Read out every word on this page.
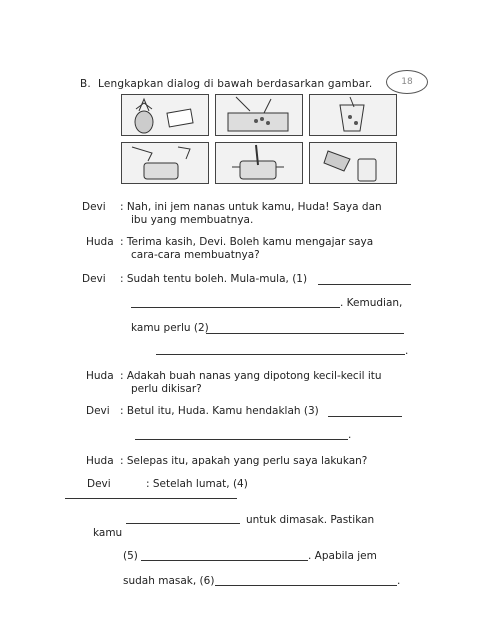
B. Lengkapkan dialog di bawah berdasarkan gambar.	18
Devi : Nah, ini jem nanas untuk kamu, Huda! Saya dan
ibu yang membuatnya.
Huda : Terima kasih, Devi. Boleh kamu mengajar saya
cara-cara membuatnya?
Devi : Sudah tentu boleh. Mula-mula, (1)
. Kemudian,
kamu perlu (2)
.
Huda : Adakah buah nanas yang dipotong kecil-kecil itu
perlu dikisar?
Devi : Betul itu, Huda. Kamu hendaklah (3)
.
Huda : Selepas itu, apakah yang perlu saya lakukan?
Devi	: Setelah lumat, (4)
untuk dimasak. Pastikan
kamu
(5)	. Apabila jem
sudah masak, (6)	.
